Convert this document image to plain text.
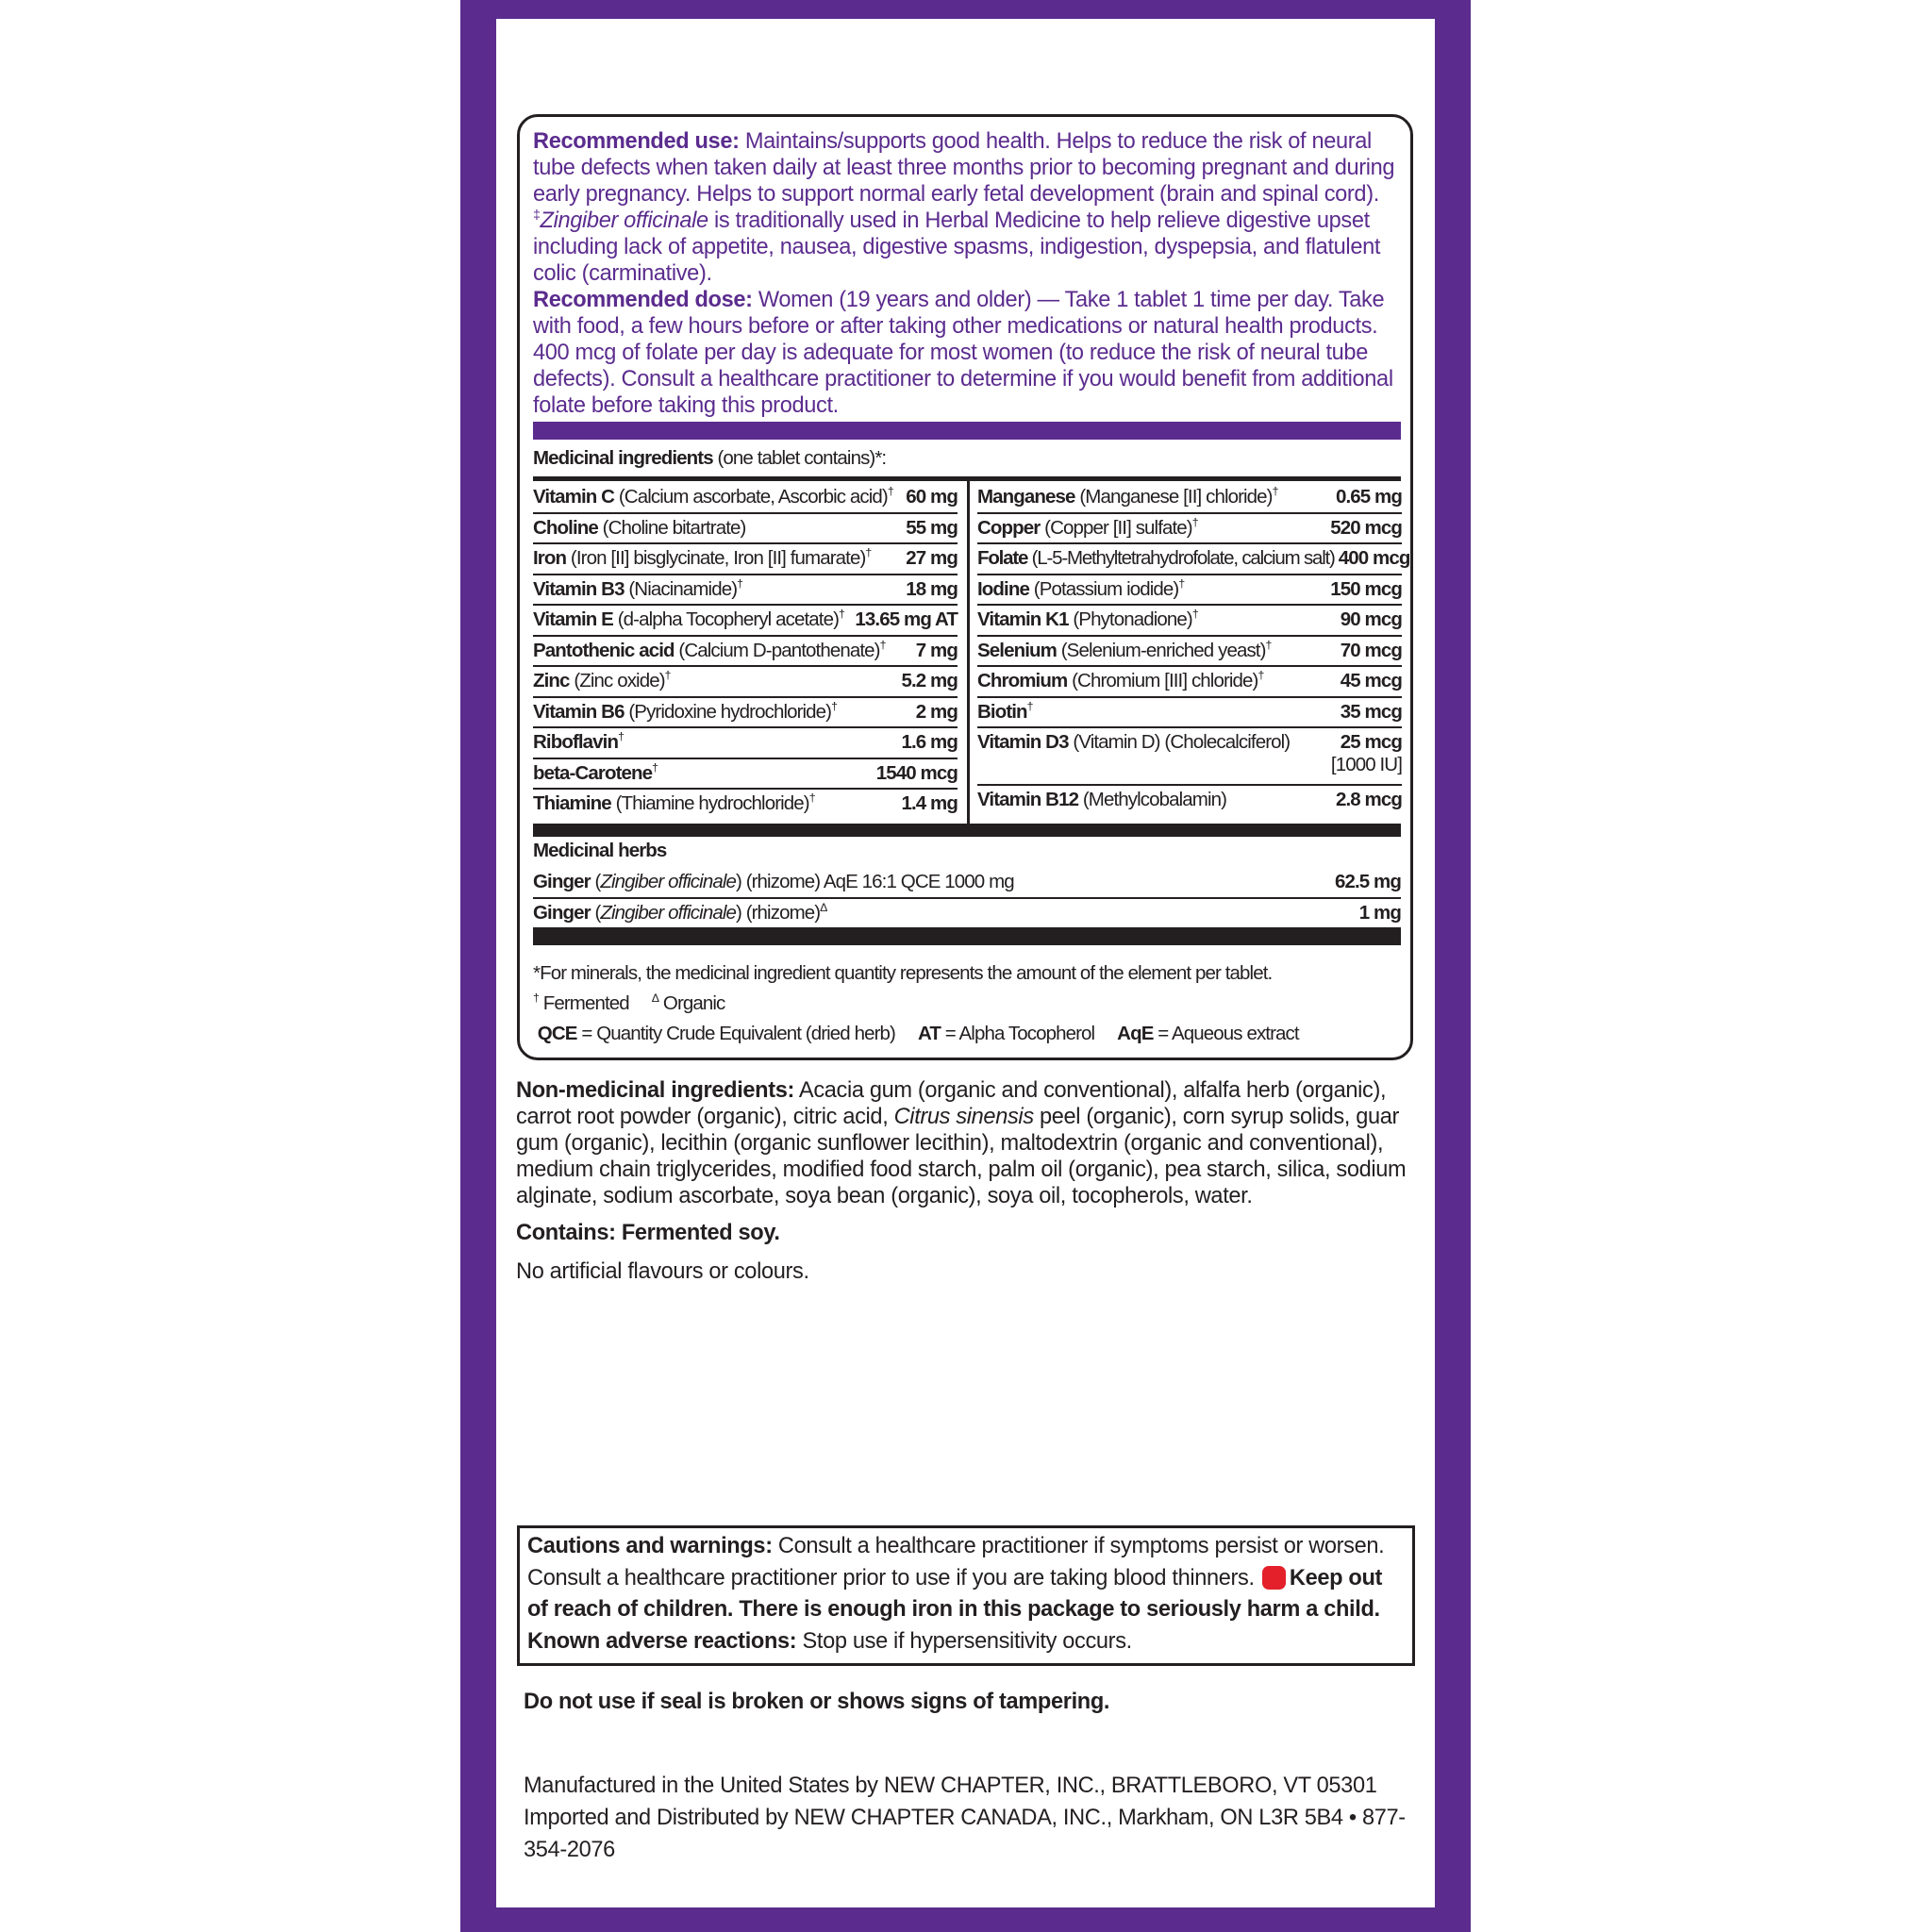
Recommended use: Maintains/supports good health. Helps to reduce the risk of neural tube defects when taken daily at least three months prior to becoming pregnant and during early pregnancy. Helps to support normal early fetal development (brain and spinal cord).
‡Zingiber officinale is traditionally used in Herbal Medicine to help relieve digestive upset including lack of appetite, nausea, digestive spasms, indigestion, dyspepsia, and flatulent colic (carminative).

Recommended dose: Women (19 years and older) — Take 1 tablet 1 time per day. Take with food, a few hours before or after taking other medications or natural health products. 400 mcg of folate per day is adequate for most women (to reduce the risk of neural tube defects). Consult a healthcare practitioner to determine if you would benefit from additional folate before taking this product.

Medicinal ingredients (one tablet contains)*:
Vitamin C (Calcium ascorbate, Ascorbic acid)† 60 mg
Choline (Choline bitartrate)	55 mg
Iron (Iron [II] bisglycinate, Iron [II] fumarate)† 27 mg
Vitamin B3 (Niacinamide)†	18 mg
Vitamin E (d-alpha Tocopheryl acetate)† 13.65 mg AT
Pantothenic acid (Calcium D-pantothenate)† 7 mg
Zinc (Zinc oxide)†	5.2 mg
Vitamin B6 (Pyridoxine hydrochloride)†	2 mg
Riboflavin†	1.6 mg
beta-Carotene†	1540 mcg
Thiamine (Thiamine hydrochloride)†	1.4 mg
Manganese (Manganese [II] chloride)†	0.65 mg
Copper (Copper [II] sulfate)†	520 mcg
Folate (L-5-Methyltetrahydrofolate, calcium salt) 400 mcg
Iodine (Potassium iodide)†	150 mcg
Vitamin K1 (Phytonadione)†	90 mcg
Selenium (Selenium-enriched yeast)†	70 mcg
Chromium (Chromium [III] chloride)†	45 mcg
Biotin†	35 mcg
Vitamin D3 (Vitamin D) (Cholecalciferol)	25 mcg
[1000 IU]
Vitamin B12 (Methylcobalamin)	2.8 mcg
Medicinal herbs
Ginger (Zingiber officinale) (rhizome) AqE 16:1 QCE 1000 mg	62.5 mg
Ginger (Zingiber officinale) (rhizome)$^\Delta$	1 mg

*For minerals, the medicinal ingredient quantity represents the amount of the element per tablet.

† Fermented $^\Delta$ Organic

QCE = Quantity Crude Equivalent (dried herb) AT = Alpha Tocopherol AqE = Aqueous extract

Non-medicinal ingredients: Acacia gum (organic and conventional), alfalfa herb (organic), carrot root powder (organic), citric acid, Citrus sinensis peel (organic), corn syrup solids, guar gum (organic), lecithin (organic sunflower lecithin), maltodextrin (organic and conventional), medium chain triglycerides, modified food starch, palm oil (organic), pea starch, silica, sodium alginate, sodium ascorbate, soya bean (organic), soya oil, tocopherols, water.

Contains: Fermented soy.
No artificial flavours or colours.

Cautions and warnings: Consult a healthcare practitioner if symptoms persist or worsen. Consult a healthcare practitioner prior to use if you are taking blood thinners. Keep out of reach of children. There is enough iron in this package to seriously harm a child.
Known adverse reactions: Stop use if hypersensitivity occurs.

Do not use if seal is broken or shows signs of tampering.

Manufactured in the United States by NEW CHAPTER, INC., BRATTLEBORO, VT 05301

Imported and Distributed by NEW CHAPTER CANADA, INC., Markham, ON L3R 5B4 • 877-354-2076
